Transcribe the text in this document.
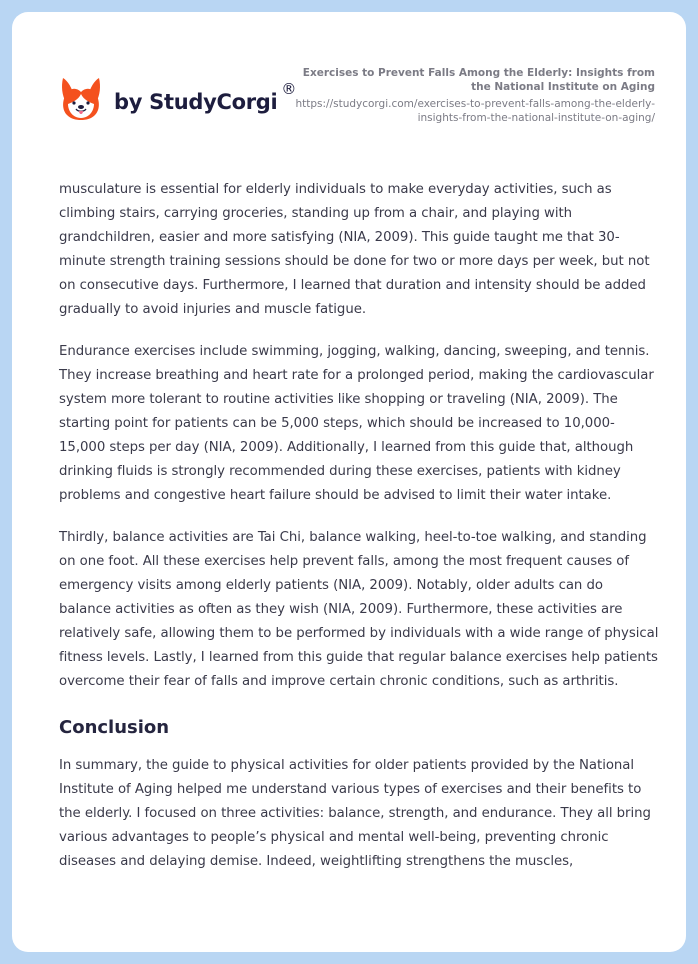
by StudyCorgi
®
Exercises to Prevent Falls Among the Elderly: Insights from the National Institute on Aging
https://studycorgi.com/exercises-to-prevent-falls-among-the-elderly-insights-from-the-national-institute-on-aging/

musculature is essential for elderly individuals to make everyday activities, such as climbing stairs, carrying groceries, standing up from a chair, and playing with grandchildren, easier and more satisfying (NIA, 2009). This guide taught me that 30-minute strength training sessions should be done for two or more days per week, but not on consecutive days. Furthermore, I learned that duration and intensity should be added gradually to avoid injuries and muscle fatigue.

Endurance exercises include swimming, jogging, walking, dancing, sweeping, and tennis. They increase breathing and heart rate for a prolonged period, making the cardiovascular system more tolerant to routine activities like shopping or traveling (NIA, 2009). The starting point for patients can be 5,000 steps, which should be increased to 10,000-15,000 steps per day (NIA, 2009). Additionally, I learned from this guide that, although drinking fluids is strongly recommended during these exercises, patients with kidney problems and congestive heart failure should be advised to limit their water intake.

Thirdly, balance activities are Tai Chi, balance walking, heel-to-toe walking, and standing on one foot. All these exercises help prevent falls, among the most frequent causes of emergency visits among elderly patients (NIA, 2009). Notably, older adults can do balance activities as often as they wish (NIA, 2009). Furthermore, these activities are relatively safe, allowing them to be performed by individuals with a wide range of physical fitness levels. Lastly, I learned from this guide that regular balance exercises help patients overcome their fear of falls and improve certain chronic conditions, such as arthritis.

Conclusion

In summary, the guide to physical activities for older patients provided by the National Institute of Aging helped me understand various types of exercises and their benefits to the elderly. I focused on three activities: balance, strength, and endurance. They all bring various advantages to people’s physical and mental well-being, preventing chronic diseases and delaying demise. Indeed, weightlifting strengthens the muscles,
